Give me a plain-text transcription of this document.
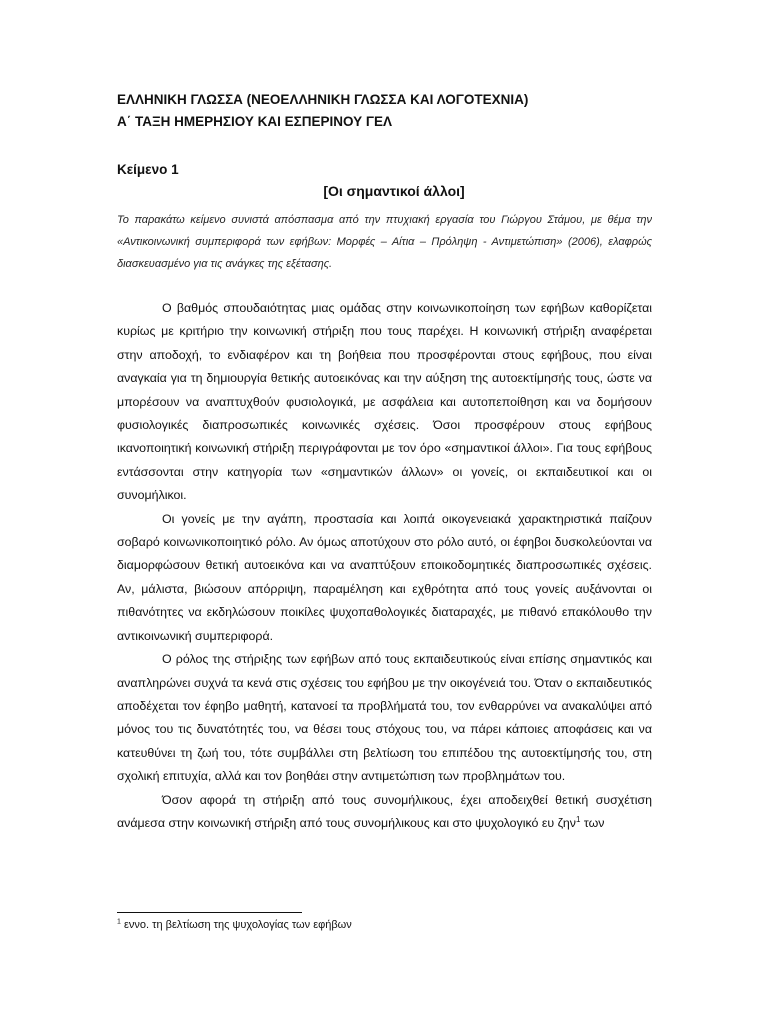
ΕΛΛΗΝΙΚΗ ΓΛΩΣΣΑ (ΝΕΟΕΛΛΗΝΙΚΗ ΓΛΩΣΣΑ ΚΑΙ ΛΟΓΟΤΕΧΝΙΑ)
Α΄ ΤΑΞΗ ΗΜΕΡΗΣΙΟΥ ΚΑΙ ΕΣΠΕΡΙΝΟΥ ΓΕΛ
Κείμενο 1
[Οι σημαντικοί άλλοι]
Το παρακάτω κείμενο συνιστά απόσπασμα από την πτυχιακή εργασία του Γιώργου Στάμου, με θέμα την «Αντικοινωνική συμπεριφορά των εφήβων: Μορφές – Αίτια – Πρόληψη - Αντιμετώπιση» (2006), ελαφρώς διασκευασμένο για τις ανάγκες της εξέτασης.

Ο βαθμός σπουδαιότητας μιας ομάδας στην κοινωνικοποίηση των εφήβων καθορίζεται κυρίως με κριτήριο την κοινωνική στήριξη που τους παρέχει. Η κοινωνική στήριξη αναφέρεται στην αποδοχή, το ενδιαφέρον και τη βοήθεια που προσφέρονται στους εφήβους, που είναι αναγκαία για τη δημιουργία θετικής αυτοεικόνας και την αύξηση της αυτοεκτίμησής τους, ώστε να μπορέσουν να αναπτυχθούν φυσιολογικά, με ασφάλεια και αυτοπεποίθηση και να δομήσουν φυσιολογικές διαπροσωπικές κοινωνικές σχέσεις. Όσοι προσφέρουν στους εφήβους ικανοποιητική κοινωνική στήριξη περιγράφονται με τον όρο «σημαντικοί άλλοι». Για τους εφήβους εντάσσονται στην κατηγορία των «σημαντικών άλλων» οι γονείς, οι εκπαιδευτικοί και οι συνομήλικοι.

Οι γονείς με την αγάπη, προστασία και λοιπά οικογενειακά χαρακτηριστικά παίζουν σοβαρό κοινωνικοποιητικό ρόλο. Αν όμως αποτύχουν στο ρόλο αυτό, οι έφηβοι δυσκολεύονται να διαμορφώσουν θετική αυτοεικόνα και να αναπτύξουν εποικοδομητικές διαπροσωπικές σχέσεις. Αν, μάλιστα, βιώσουν απόρριψη, παραμέληση και εχθρότητα από τους γονείς αυξάνονται οι πιθανότητες να εκδηλώσουν ποικίλες ψυχοπαθολογικές διαταραχές, με πιθανό επακόλουθο την αντικοινωνική συμπεριφορά.

Ο ρόλος της στήριξης των εφήβων από τους εκπαιδευτικούς είναι επίσης σημαντικός και αναπληρώνει συχνά τα κενά στις σχέσεις του εφήβου με την οικογένειά του. Όταν ο εκπαιδευτικός αποδέχεται τον έφηβο μαθητή, κατανοεί τα προβλήματά του, τον ενθαρρύνει να ανακαλύψει από μόνος του τις δυνατότητές του, να θέσει τους στόχους του, να πάρει κάποιες αποφάσεις και να κατευθύνει τη ζωή του, τότε συμβάλλει στη βελτίωση του επιπέδου της αυτοεκτίμησής του, στη σχολική επιτυχία, αλλά και τον βοηθάει στην αντιμετώπιση των προβλημάτων του.

Όσον αφορά τη στήριξη από τους συνομήλικους, έχει αποδειχθεί θετική συσχέτιση ανάμεσα στην κοινωνική στήριξη από τους συνομήλικους και στο ψυχολογικό ευ ζην$^1$ των

$^1$ εννο. τη βελτίωση της ψυχολογίας των εφήβων
